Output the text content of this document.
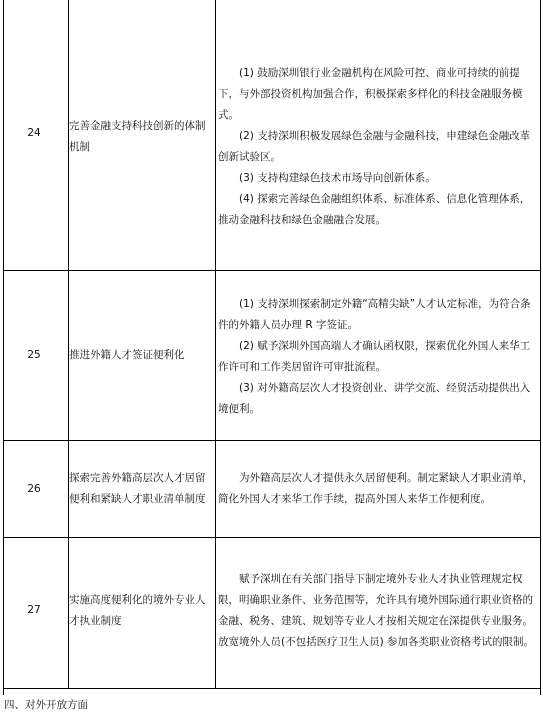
24
完善金融支持科技创新的体制机制

(1) 鼓励深圳银行业金融机构在风险可控、商业可持续的前提下，与外部投资机构加强合作，积极探索多样化的科技金融服务模式。

(2) 支持深圳积极发展绿色金融与金融科技，申建绿色金融改革创新试验区。

(3) 支持构建绿色技术市场导向创新体系。

(4) 探索完善绿色金融组织体系、标准体系、信息化管理体系，推动金融科技和绿色金融融合发展。

25	推进外籍人才签证便利化

(1) 支持深圳探索制定外籍“高精尖缺”人才认定标准，为符合条件的外籍人员办理 R 字签证。

(2) 赋予深圳外国高端人才确认函权限，探索优化外国人来华工作许可和工作类居留许可审批流程。

(3) 对外籍高层次人才投资创业、讲学交流、经贸活动提供出入境便利。

26
探索完善外籍高层次人才居留便利和紧缺人才职业清单制度

为外籍高层次人才提供永久居留便利。制定紧缺人才职业清单，简化外国人才来华工作手续，提高外国人来华工作便利度。

27
实施高度便利化的境外专业人才执业制度

赋予深圳在有关部门指导下制定境外专业人才执业管理规定权限，明确职业条件、业务范围等，允许具有境外国际通行职业资格的金融、税务、建筑、规划等专业人才按相关规定在深提供专业服务。放宽境外人员(不包括医疗卫生人员) 参加各类职业资格考试的限制。

四、对外开放方面
